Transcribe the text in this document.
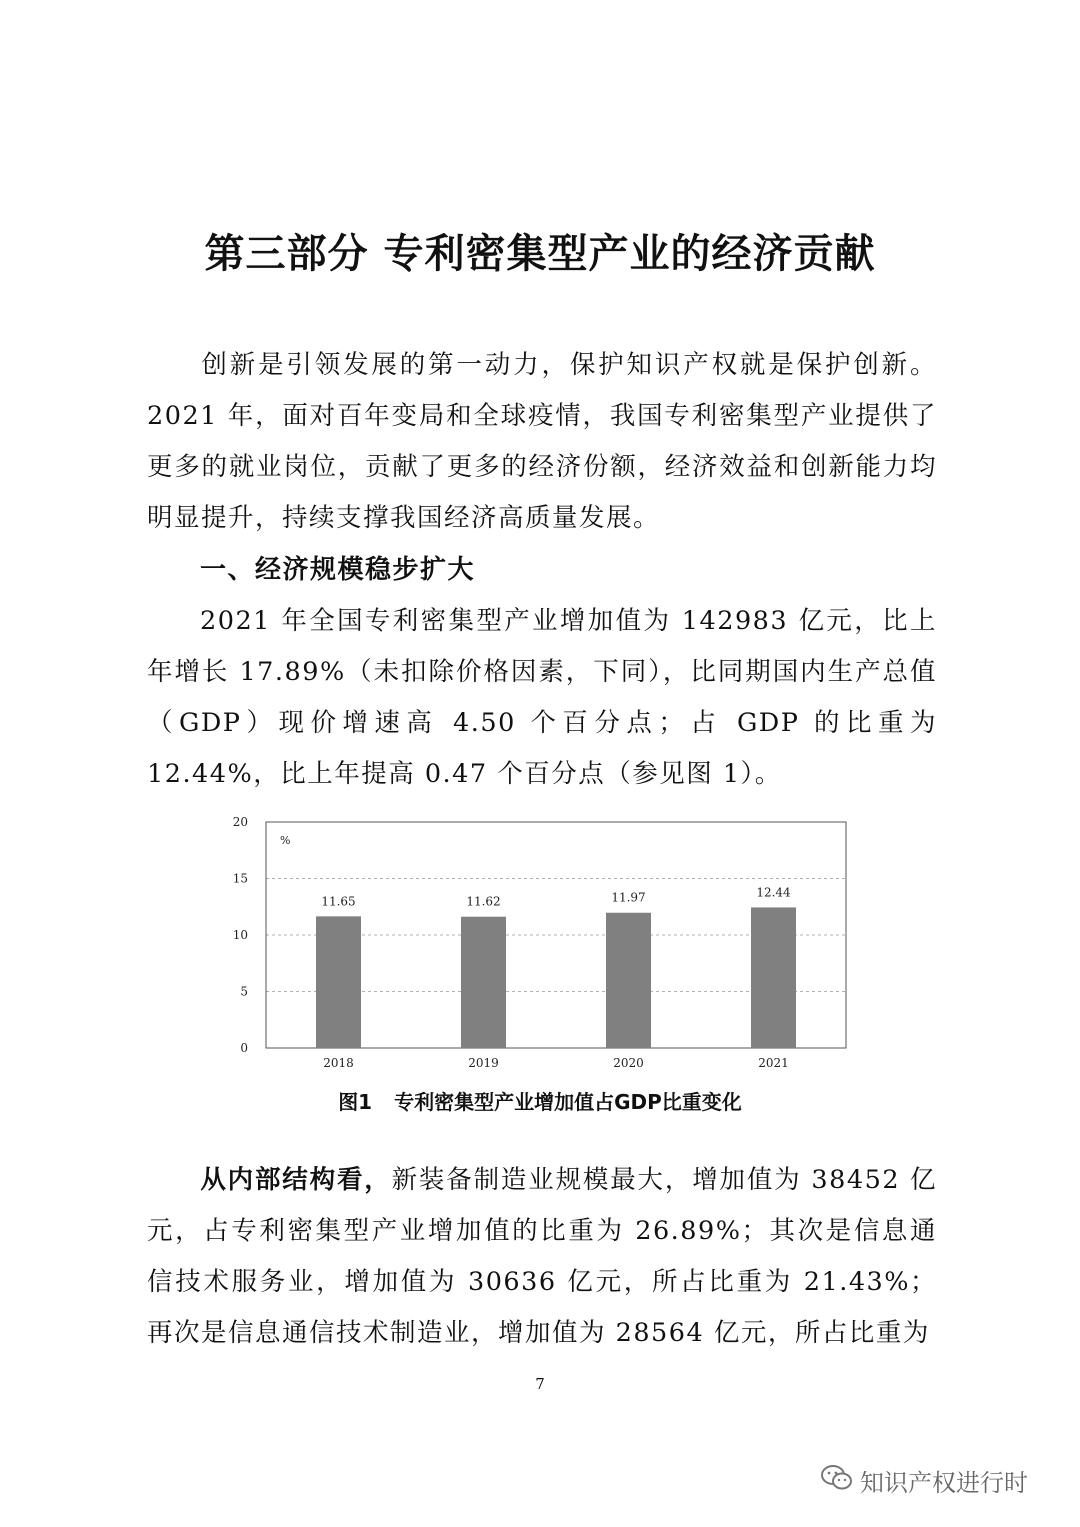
第三部分 专利密集型产业的经济贡献
创新是引领发展的第一动力，保护知识产权就是保护创新。2021 年，面对百年变局和全球疫情，我国专利密集型产业提供了更多的就业岗位，贡献了更多的经济份额，经济效益和创新能力均明显提升，持续支撑我国经济高质量发展。
一、经济规模稳步扩大
2021 年全国专利密集型产业增加值为 142983 亿元，比上年增长 17.89%（未扣除价格因素，下同），比同期国内生产总值（GDP）现价增速高 4.50 个百分点；占 GDP 的比重为 12.44%，比上年提高 0.47 个百分点（参见图 1）。
0
5
10
15
20
%
11.65
2018
11.62
2019
11.97
2020
12.44
2021
图1 专利密集型产业增加值占GDP比重变化
从内部结构看，新装备制造业规模最大，增加值为 38452 亿元，占专利密集型产业增加值的比重为 26.89%；其次是信息通信技术服务业，增加值为 30636 亿元，所占比重为 21.43%；再次是信息通信技术制造业，增加值为 28564 亿元，所占比重为
7
知识产权进行时
